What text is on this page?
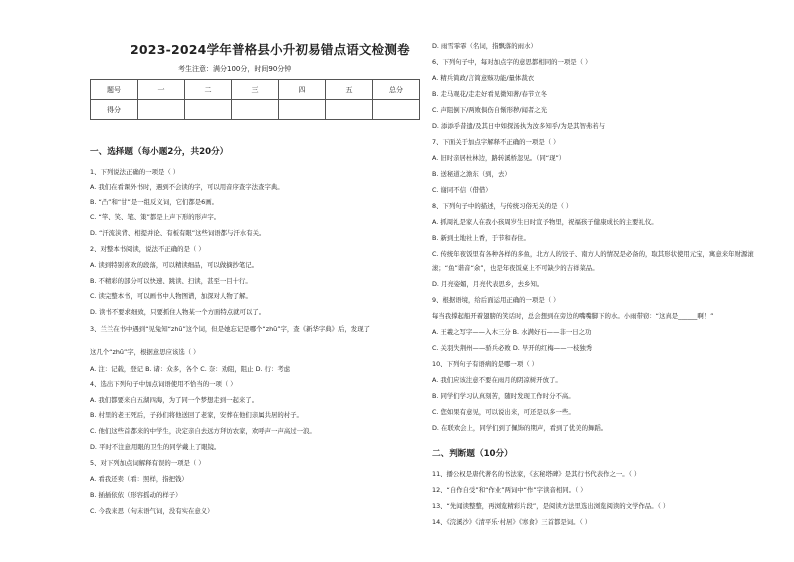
2023-2024学年普格县小升初易错点语文检测卷
考生注意：满分100分，时间90分钟
题号	一	二	三	四	五	总分
得分						
一、选择题（每小题2分，共20分）
1、下列说法正确的一项是（ ）
A. 我们在看课外书时，遇到不会读的字，可以用音序查字法查字典。
B. “凸”和“甘”是一组反义词，它们都是6画。
C. “竿、笑、笔、策”都是上声下形的形声字。
D. “汗流浃背、相提并论、有板有眼”这些词语都与汗水有关。
2、对整本书阅读，说法不正确的是（ ）
A. 读到特别喜欢的段落，可以精读细品，可以做摘抄笔记。
B. 不精彩的部分可以快速、跳读、扫读，甚至一目十行。
C. 读完整本书，可以画书中人物图谱，加深对人物了解。
D. 读书不要求细致，只要抓住人物某一个方面特点就可以了。
3、兰兰在书中遇到“见兔知“zhū”这个词，但是她忘记是哪个“zhū”字，查《新华字典》后，发现了
这几个“zhū”字，根据意思应该选（ ）
A. 注：记载，登记 B. 诸：众多，各个 C. 奈：劝阻，阻止 D. 行：考虑
4、选出下列句子中加点词语使用不恰当的一项（ ）
A. 我们都要来自五湖四海，为了同一个梦想走到一起来了。
B. 村里的老王死后，子孙们将他送回了老家，安葬在他们亲属共居的村子。
C. 他们这些首都来的中学生，决定亲自去远方拜访农家，欢呼声一声高过一浪。
D. 平时不注意用眼的卫生的同学戴上了眼镜。
5、对下列加点词解释有误的一项是（ ）
A. 看我还卖（看：照样，指把钱）
B. 插插依依（形容摇动的样子）
C. 今我来思（句末语气词，没有实在意义）
D. 雨雪霏霏（名词，指飘落的雨水）
6、下列句子中，每对加点字的意思都相同的一项是（ ）
A. 精兵简政/言简意赅功能/量体裁衣
B. 走马观花/走走好看见微知著/春节立冬
C. 声阻倒下/两败俱伤自惭形秽/闻者之光
D. 添添乎昔遗/及其日中如探汤执为汝多知乎/为是其智弗若与
7、下面关于加点字解释不正确的一项是（ ）
A. 旧时亲居杜林边，路转溪桥忽见。（同“现”）
B. 送秘道之澹东（到，去）
C. 谢同不信（借借）
8、下列句子中的描述，与传统习俗无关的是（ ）
A. 抓周礼是家人在我小孩周岁生日时宣予物里，祝福孩子健康成长的主要礼仪。
B. 新到土地社上香，于节和春住。
C. 传统年夜饭里有各种各样的多鱼，北方人的饺子、南方人的情况是必备的，取其形状使用元宝，寓意来年财源滚
滚；“鱼”谐音“余”，也是年夜饭桌上不可缺少的吉祥菜品。
D. 月亮姿媚，月亮代表思乡，去乡知。
9、根据语境，给后面运用正确的一项是（ ）
每当我撑起船开着翅膀的笑话时，总会想到在旁边的嘴嘴脚下的水。小雨带窃：“这真是______啊！”
A. 王羲之写字——入木三分 B. 水满好石——非一日之功
C. 关羽失荆州——骄兵必败 D. 早开的红梅——一枝独秀
10、下列句子有语病的是哪一项（ ）
A. 我们应该注意不要在雨月的阴凉树开放了。
B. 同学们学习认真刻苦，随时发现工作时分不高。
C. 您如果有意见，可以说出来，可还是以多一些。
D. 在联欢会上，同学们到了佩饰的期声，看到了优美的舞蹈。
二、判断题（10分）
11、播公权是唐代著名的书法家，《玄秘塔碑》是其行书代表作之一。（ ）
12、“自作自受”和“作业”两词中“作”字读音相同。（ ）
13、“先闻读整整，再浏览精彩片段”，是阅读方法里选出浏览阅读的文学作品。（ ）
14、《浣溪沙》《清平乐·村居》《寒食》三首都是词。（ ）
